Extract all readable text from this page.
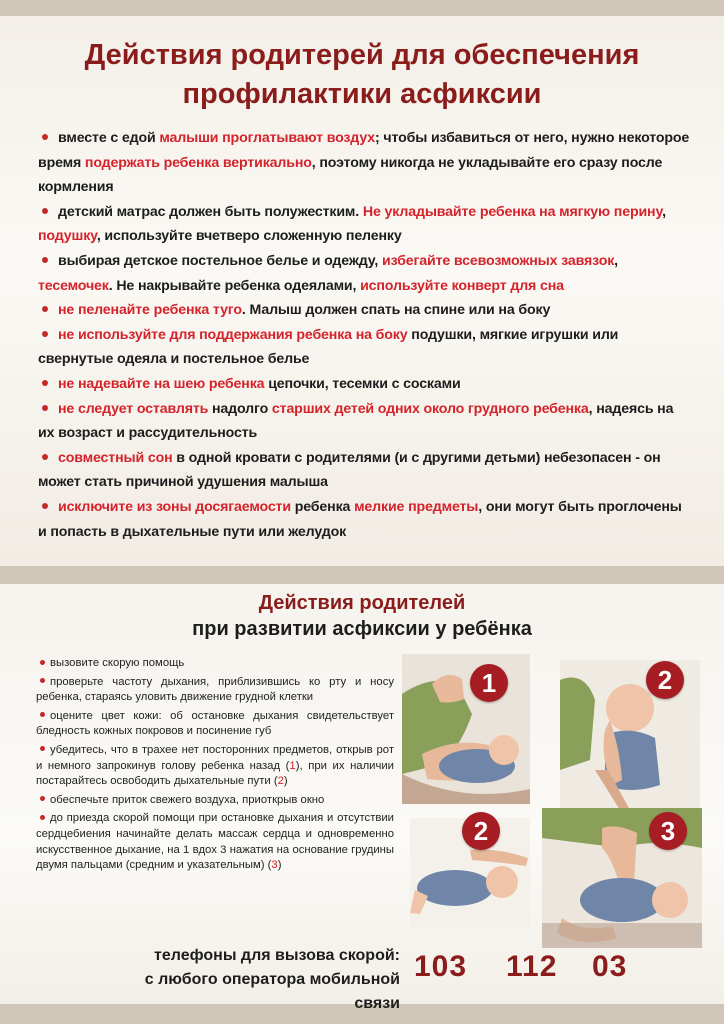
Действия родитерей для обеспечения
профилактики асфиксии
вместе с едой малыши проглатывают воздух; чтобы избавиться от него, нужно некоторое время подержать ребенка вертикально, поэтому никогда не укладывайте его сразу после кормления
детский матрас должен быть полужестким. Не укладывайте ребенка на мягкую перину, подушку, используйте вчетверо сложенную пеленку
выбирая детское постельное белье и одежду, избегайте всевозможных завязок, тесемочек. Не накрывайте ребенка одеялами, используйте конверт для сна
не пеленайте ребенка туго. Малыш должен спать на спине или на боку
не используйте для поддержания ребенка на боку подушки, мягкие игрушки или свернутые одеяла и постельное белье
не надевайте на шею ребенка цепочки, тесемки с сосками
не следует оставлять надолго старших детей одних около грудного ребенка, надеясь на их возраст и рассудительность
совместный сон в одной кровати с родителями (и с другими детьми) небезопасен - он может стать причиной удушения малыша
исключите из зоны досягаемости ребенка мелкие предметы, они могут быть проглочены и попасть в дыхательные пути или желудок
Действия родителей
при развитии асфиксии у ребёнка
вызовите скорую помощь
проверьте частоту дыхания, приблизившись ко рту и носу ребенка, стараясь уловить движение грудной клетки
оцените цвет кожи: об остановке дыхания свидетельствует бледность кожных покровов и посинение губ
убедитесь, что в трахее нет посторонних предметов, открыв рот и немного запрокинув голову ребенка назад (1), при их наличии постарайтесь освободить дыхательные пути (2)
обеспечьте приток свежего воздуха, приоткрыв окно
до приезда скорой помощи при остановке дыхания и отсутствии сердцебиения начинайте делать массаж сердца и одновременно искусственное дыхание, на 1 вдох 3 нажатия на основание грудины двумя пальцами (средним и указательным) (3)
1	2
2	3
телефоны для вызова скорой:
с любого оператора мобильной связи
103 112 03
